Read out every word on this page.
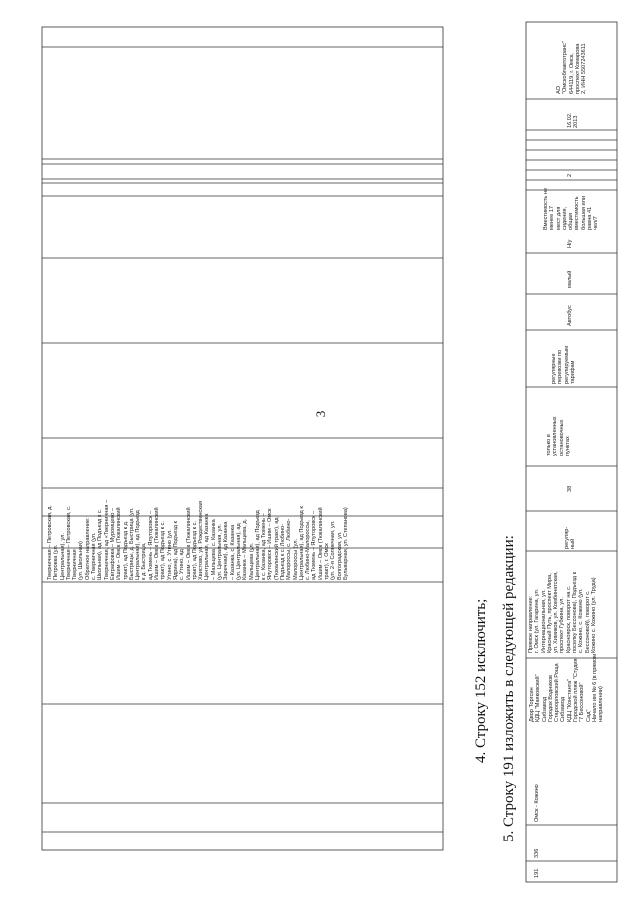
3
Тверничная – Петровская, д.
Петровка (ул.
Центральная), ул.
Тверничная – Петровская, с.
Тверничная
(ул. Школьная)
Обратное направление:
с. Тверничная (ул.
Школьная), ад Подъезд к с.
Тверничная, ад «Тверничная –
Евграфовка – Муромцево –
Ишим – Омск (Тюкалинский
тракт), ад Подъезд к д.
Быстрицы, д. Быстрица (ул.
Центральная), ад Подъезд
к д. Быстрица,
ад Тюмень – Ялуторовск –
Ишим – Омск (Тюкалинский
тракт), ад Подъезд к с.
Утино, с. Утино (ул.
Ядрина), ад Подъезд к
с. Утино, ад
Ишим – Омск (Тюкалинский
тракт), ад Подъезд к с.
Хвистово, ул. Рождественская
Центральная, ад Казанка
– Мальцева, с. Казанка
(ул. Центральная, ул.
Заречная), ад Казанка
– Казанка, с. Казанка
(ул. Центральная), ад
Казанка – Мальцева, д.
Мальцева (ул.
Центральная), ад Подъезд
к с. Казанка, ад Тюмень –
Ялуторовск – Ишим – Омск
(Тюкалинский тракт), ад
Подъезд к с. Любино-
Малороссы, с. Любино-
Малороссы (ул.
Центральная), ад Подъезд к
с. Любино-Малороссы,
ад Тюмень – Ялуторовск –
Ишим – Омск (Тюкалинский
тракт), г. Омск
(ул. 2-я Солнечная, ул.
Волгоградская, ул.
Бульварная, ул. Степанова)
4. Строку 152 исключить; 5. Строку 191 изложить в следующей редакции:
191
336
Омск - Кожино
Двор Торгсин
КДЦ "Маяковский"
Сибзавод
Городок Водников
Староорловский Роща
Сибзавод
КДЦ "Константа"
Городской пляж "Студия
"7 Бессоновой"
Сад"
Начало им № 6 (в прямом
направлении)
Прямое направление:
г. Омск (ул. Гагарина, ул.
Интернациональная, ул.
Красный Путь, проспект Мира,
ул. Химиков, ул. Комбинатская,
проспект Губкина, ул.
Красноярск, поворот на с.
поселку Бессонова), Подъезд к
с. Кожино, с. Кожино (ул.
Бессоновой), поворот с.
Кожино с. Кожино (ул. Труда)
регуляр-
ный
38
только в
установленных
остановочных
пунктах
регулярные
перевозки по
регулируемым
тарифам
Автобус
малый
Н/у
Вместимость не
менее 17
мест для
сидения,
общая
вместимость
большая или
равна 41
чел/7
2
16.02.
2013
АО
"Омскоблавтотранс"
644119, г. Омск,
проспект Комарова
2, ИНН 5507243611
